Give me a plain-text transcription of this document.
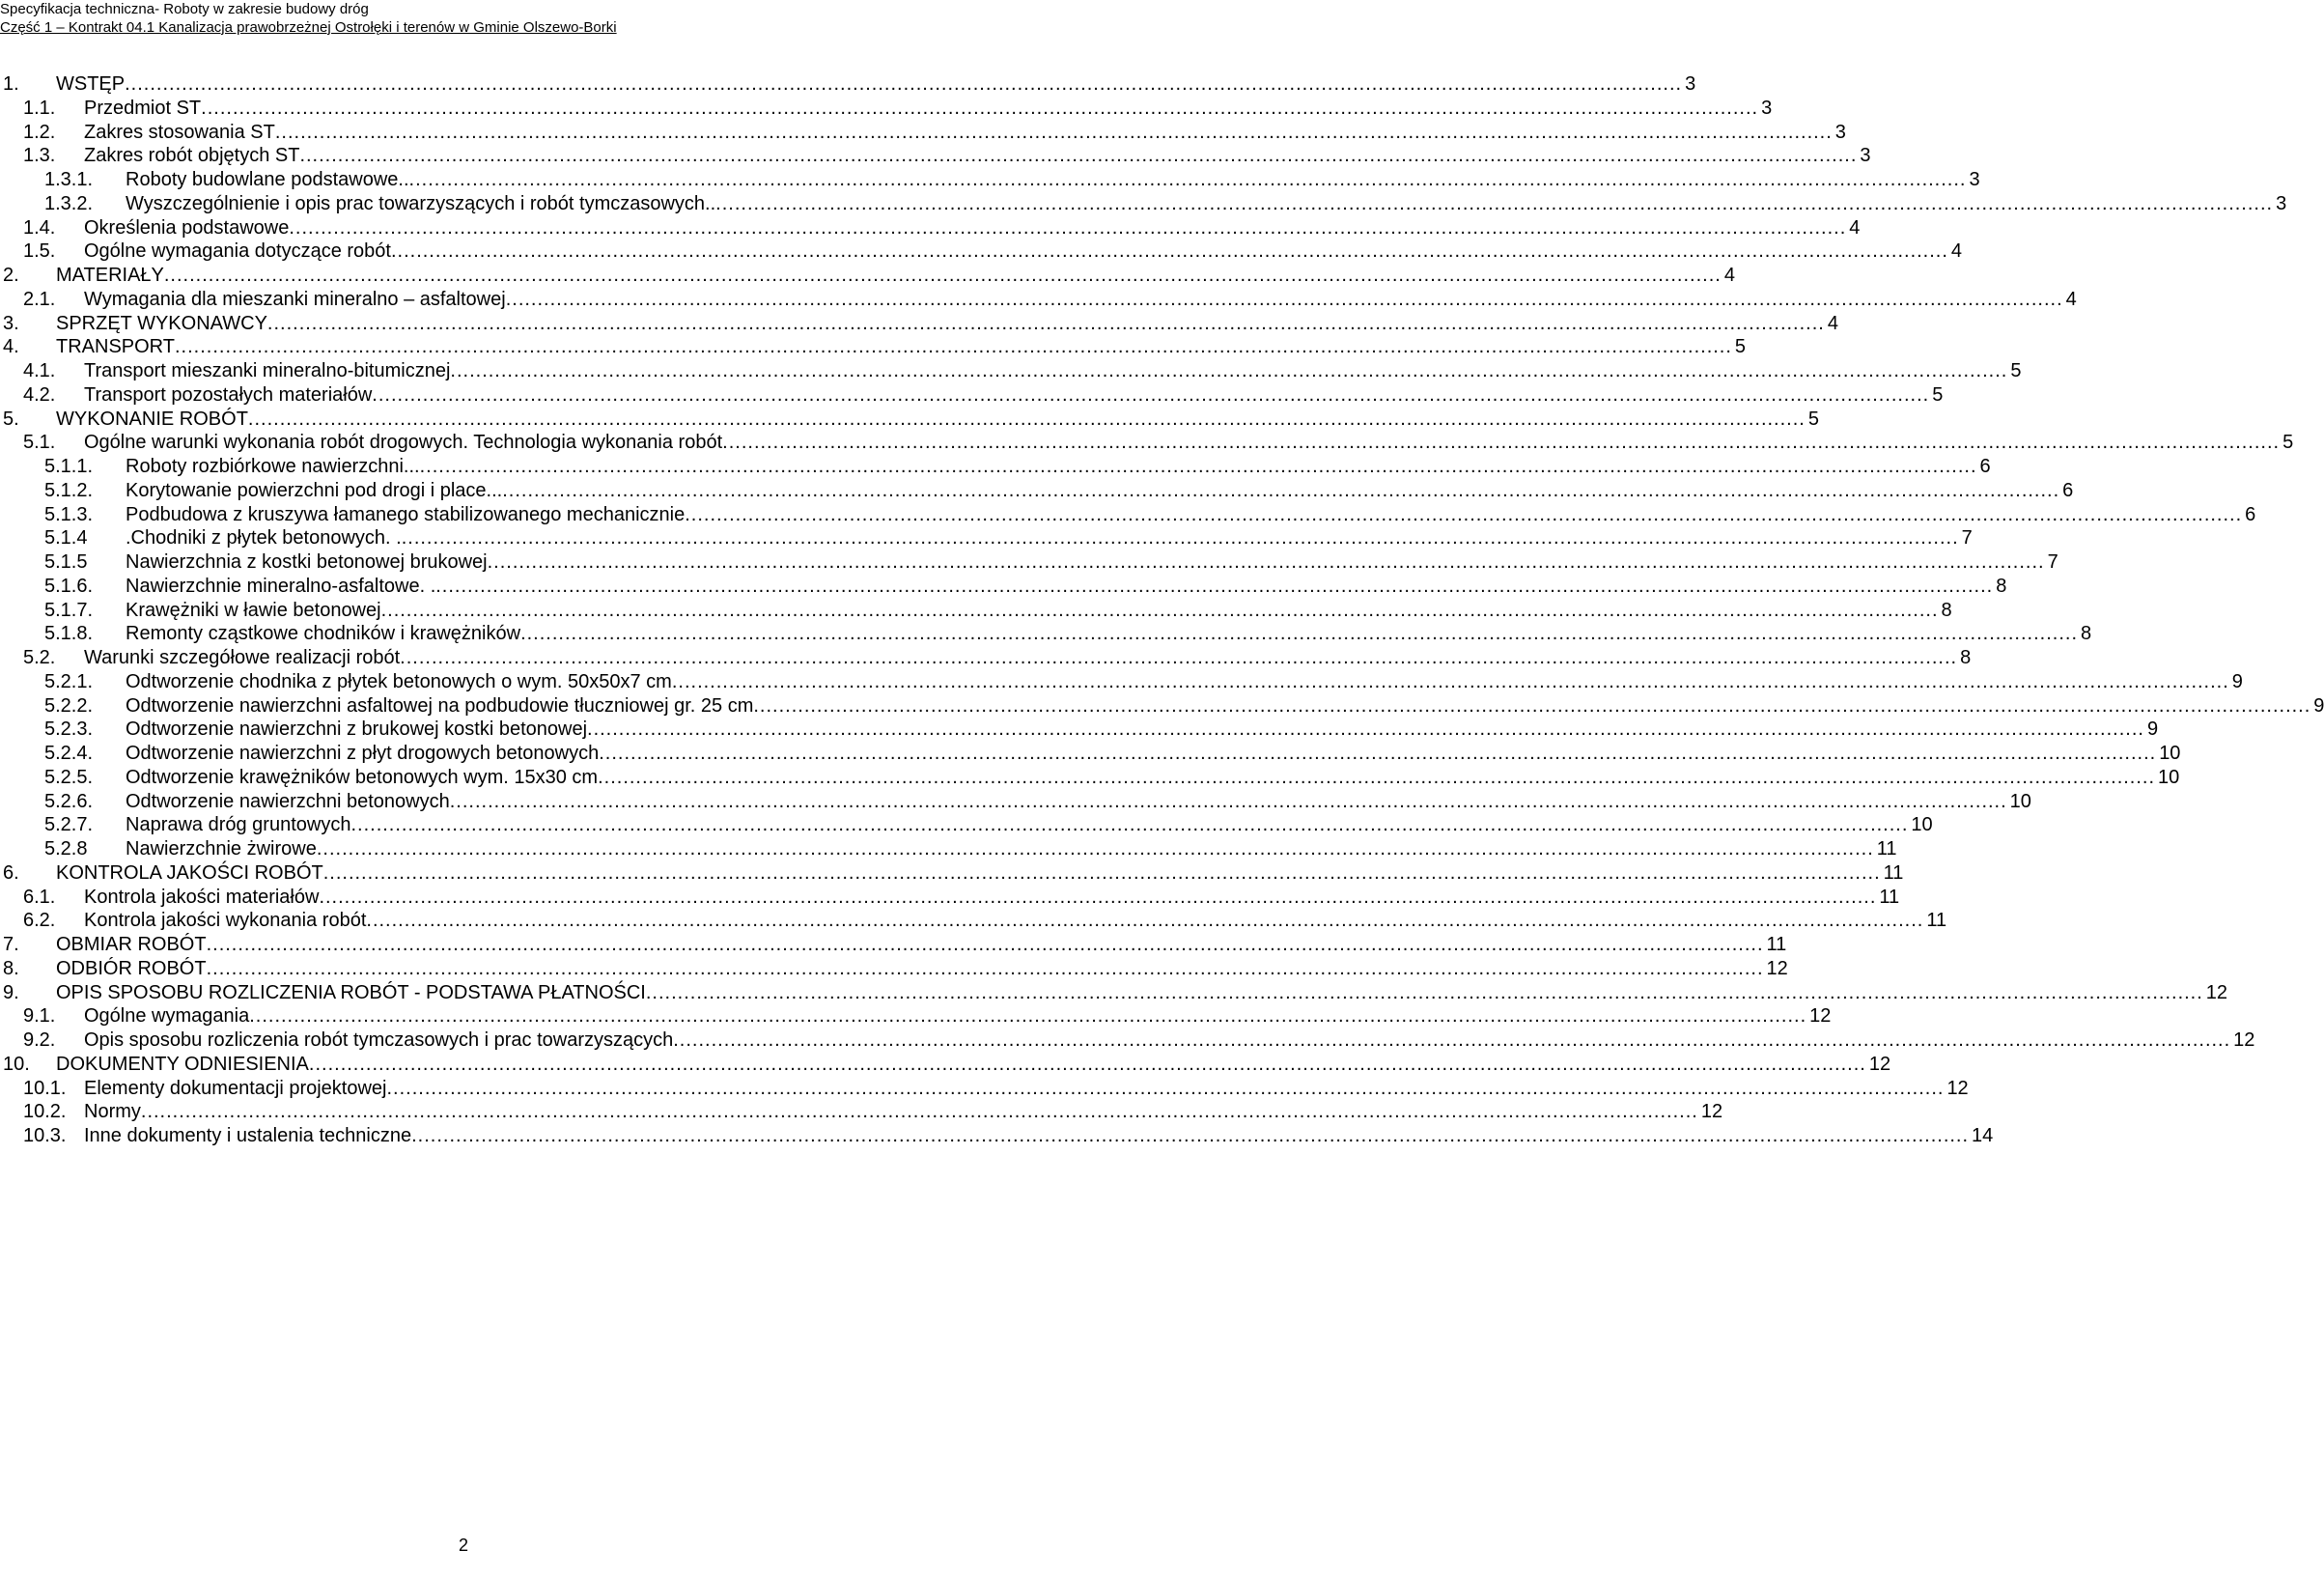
Specyfikacja techniczna- Roboty w zakresie budowy dróg
Część 1 – Kontrakt 04.1 Kanalizacja prawobrzeżnej Ostrołęki i terenów w Gminie Olszewo-Borki
1.	WSTĘP .....	3
1.1.	Przedmiot ST .....	3
1.2.	Zakres stosowania ST .....	3
1.3.	Zakres robót objętych ST .....	3
1.3.1.	Roboty budowlane podstawowe.. .....	3
1.3.2.	Wyszczególnienie i opis prac towarzyszących i robót tymczasowych.. .....	3
1.4.	Określenia podstawowe .....	4
1.5.	Ogólne wymagania dotyczące robót .....	4
2.	MATERIAŁY .....	4
2.1.	Wymagania dla mieszanki mineralno – asfaltowej .....	4
3.	SPRZĘT WYKONAWCY .....	4
4.	TRANSPORT .....	5
4.1.	Transport mieszanki mineralno-bitumicznej .....	5
4.2.	Transport pozostałych materiałów .....	5
5.	WYKONANIE ROBÓT .....	5
5.1.	Ogólne warunki wykonania robót drogowych. Technologia wykonania robót .....	5
5.1.1.	Roboty rozbiórkowe nawierzchni... .....	6
5.1.2.	Korytowanie powierzchni pod drogi i place... .....	6
5.1.3.	Podbudowa z kruszywa łamanego stabilizowanego mechanicznie .....	6
5.1.4	.Chodniki z płytek betonowych. . .....	7
5.1.5	Nawierzchnia z kostki betonowej brukowej .....	7
5.1.6.	Nawierzchnie mineralno-asfaltowe. . .....	8
5.1.7.	Krawężniki w ławie betonowej .....	8
5.1.8.	Remonty cząstkowe chodników i krawężników .....	8
5.2.	Warunki szczegółowe realizacji robót .....	8
5.2.1.	Odtworzenie chodnika z płytek betonowych o wym. 50x50x7 cm .....	9
5.2.2.	Odtworzenie nawierzchni asfaltowej na podbudowie tłuczniowej gr. 25 cm .....	9
5.2.3.	Odtworzenie nawierzchni z brukowej kostki betonowej .....	9
5.2.4.	Odtworzenie nawierzchni z płyt drogowych betonowych .....	10
5.2.5.	Odtworzenie krawężników betonowych wym. 15x30 cm .....	10
5.2.6.	Odtworzenie nawierzchni betonowych .....	10
5.2.7.	Naprawa dróg gruntowych .....	10
5.2.8	Nawierzchnie żwirowe .....	11
6.	KONTROLA JAKOŚCI ROBÓT .....	11
6.1.	Kontrola jakości materiałów .....	11
6.2.	Kontrola jakości wykonania robót .....	11
7.	OBMIAR ROBÓT .....	11
8.	ODBIÓR ROBÓT .....	12
9.	OPIS SPOSOBU ROZLICZENIA ROBÓT - PODSTAWA PŁATNOŚCI .....	12
9.1.	Ogólne wymagania .....	12
9.2.	Opis sposobu rozliczenia robót tymczasowych i prac towarzyszących .....	12
10.	DOKUMENTY ODNIESIENIA .....	12
10.1. Elementy dokumentacji projektowej .....	12
10.2. Normy .....	12
10.3. Inne dokumenty i ustalenia techniczne .....	14
2
